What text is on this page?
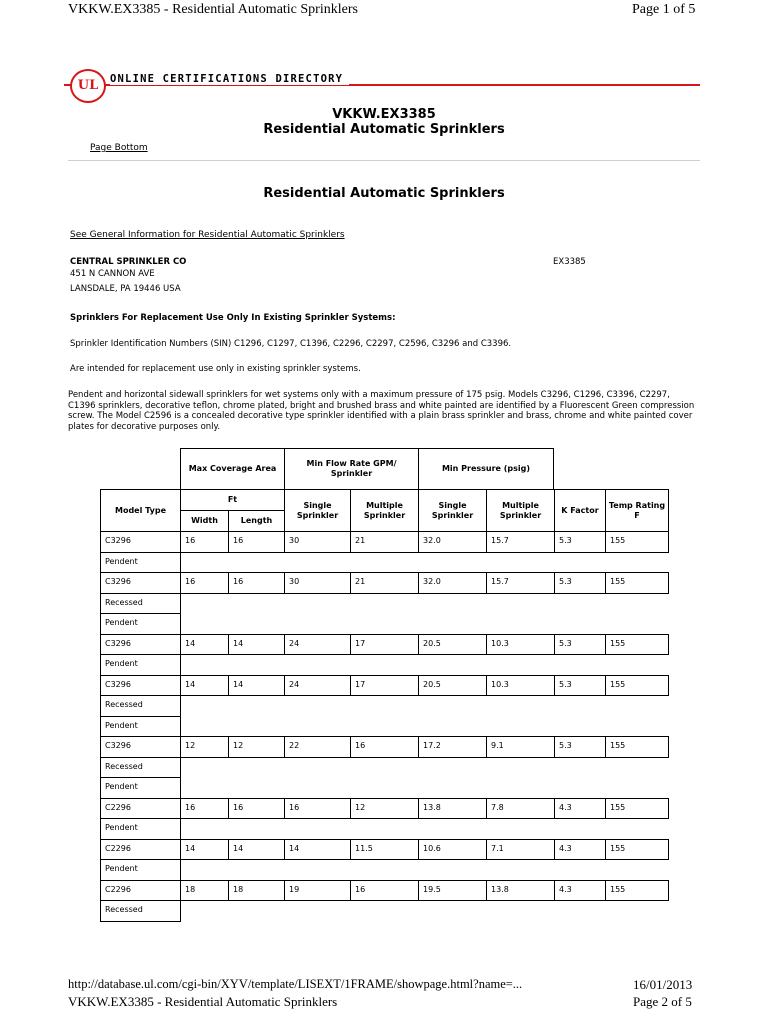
VKKW.EX3385 - Residential Automatic Sprinklers	Page 1 of 5
UL	ONLINE CERTIFICATIONS DIRECTORY
VKKW.EX3385
Residential Automatic Sprinklers
Page Bottom
Residential Automatic Sprinklers
See General Information for Residential Automatic Sprinklers
CENTRAL SPRINKLER CO	EX3385
451 N CANNON AVE
LANSDALE, PA 19446 USA
Sprinklers For Replacement Use Only In Existing Sprinkler Systems:
Sprinkler Identification Numbers (SIN) C1296, C1297, C1396, C2296, C2297, C2596, C3296 and C3396.
Are intended for replacement use only in existing sprinkler systems.
Pendent and horizontal sidewall sprinklers for wet systems only with a maximum pressure of 175 psig. Models C3296, C1296, C3396, C2297, C1396 sprinklers, decorative teflon, chrome plated, bright and brushed brass and white painted are identified by a Fluorescent Green compression screw. The Model C2596 is a concealed decorative type sprinkler identified with a plain brass sprinkler and brass, chrome and white painted cover plates for decorative purposes only.
Max Coverage Area
Min Flow Rate GPM/ Sprinkler
Min Pressure (psig)
Ft
Model Type
Width	Length
Single Sprinkler
Multiple Sprinkler
Single Sprinkler
Multiple Sprinkler
K Factor
Temp Rating F
C3296	16	16	30	21	32.0	15.7	5.3	155
Pendent
C3296	16	16	30	21	32.0	15.7	5.3	155
Recessed
Pendent
C3296	14	14	24	17	20.5	10.3	5.3	155
Pendent
C3296	14	14	24	17	20.5	10.3	5.3	155
Recessed
Pendent
C3296	12	12	22	16	17.2	9.1	5.3	155
Recessed
Pendent
C2296	16	16	16	12	13.8	7.8	4.3	155
Pendent
C2296	14	14	14	11.5	10.6	7.1	4.3	155
Pendent
C2296	18	18	19	16	19.5	13.8	4.3	155
Recessed
http://database.ul.com/cgi-bin/XYV/template/LISEXT/1FRAME/showpage.html?name=...	16/01/2013
VKKW.EX3385 - Residential Automatic Sprinklers	Page 2 of 5
